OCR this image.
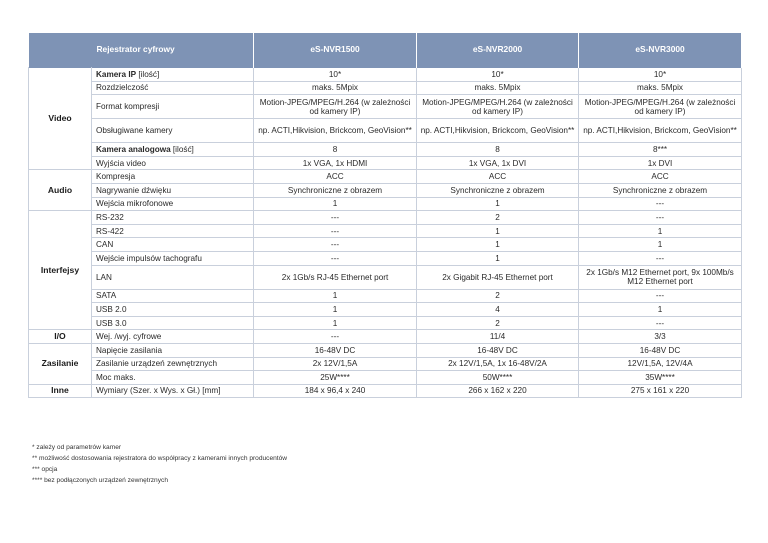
Rejestrator cyfrowy		eS-NVR1500	eS-NVR2000	eS-NVR3000
Video	Kamera IP [ilość]	10*	10*	10*
	Rozdzielczość	maks. 5Mpix	maks. 5Mpix	maks. 5Mpix
	Format kompresji	Motion-JPEG/MPEG/H.264 (w zależności od kamery IP)	Motion-JPEG/MPEG/H.264 (w zależności od kamery IP)	Motion-JPEG/MPEG/H.264 (w zależności od kamery IP)
	Obsługiwane kamery	np. ACTI,Hikvision, Brickcom, GeoVision**	np. ACTI,Hikvision, Brickcom, GeoVision**	np. ACTI,Hikvision, Brickcom, GeoVision**
	Kamera analogowa [ilość]	8	8	8***
	Wyjścia video	1x VGA, 1x HDMI	1x VGA, 1x DVI	1x DVI
Audio	Kompresja	ACC	ACC	ACC
	Nagrywanie dźwięku	Synchroniczne z obrazem	Synchroniczne z obrazem	Synchroniczne z obrazem
	Wejścia mikrofonowe	1	1	---
Interfejsy	RS-232	---	2	---
	RS-422	---	1	1
	CAN	---	1	1
	Wejście impulsów tachografu	---	1	---
	LAN	2x 1Gb/s RJ-45 Ethernet port	2x Gigabit RJ-45 Ethernet port	2x 1Gb/s M12 Ethernet port, 9x 100Mb/s M12 Ethernet port
	SATA	1	2	---
	USB 2.0	1	4	1
	USB 3.0	1	2	---
I/O	Wej. /wyj. cyfrowe	---	11/4	3/3
Zasilanie	Napięcie zasilania	16-48V DC	16-48V DC	16-48V DC
	Zasilanie urządzeń zewnętrznych	2x 12V/1,5A	2x 12V/1,5A, 1x 16-48V/2A	12V/1,5A, 12V/4A
	Moc maks.	25W****	50W****	35W****
Inne	Wymiary (Szer. x Wys. x Gł.) [mm]	184 x 96,4 x 240	266 x 162 x 220	275 x 161 x 220
* zależy od parametrów kamer
** możliwość dostosowania rejestratora do współpracy z kamerami innych producentów
*** opcja
**** bez podłączonych urządzeń zewnętrznych
